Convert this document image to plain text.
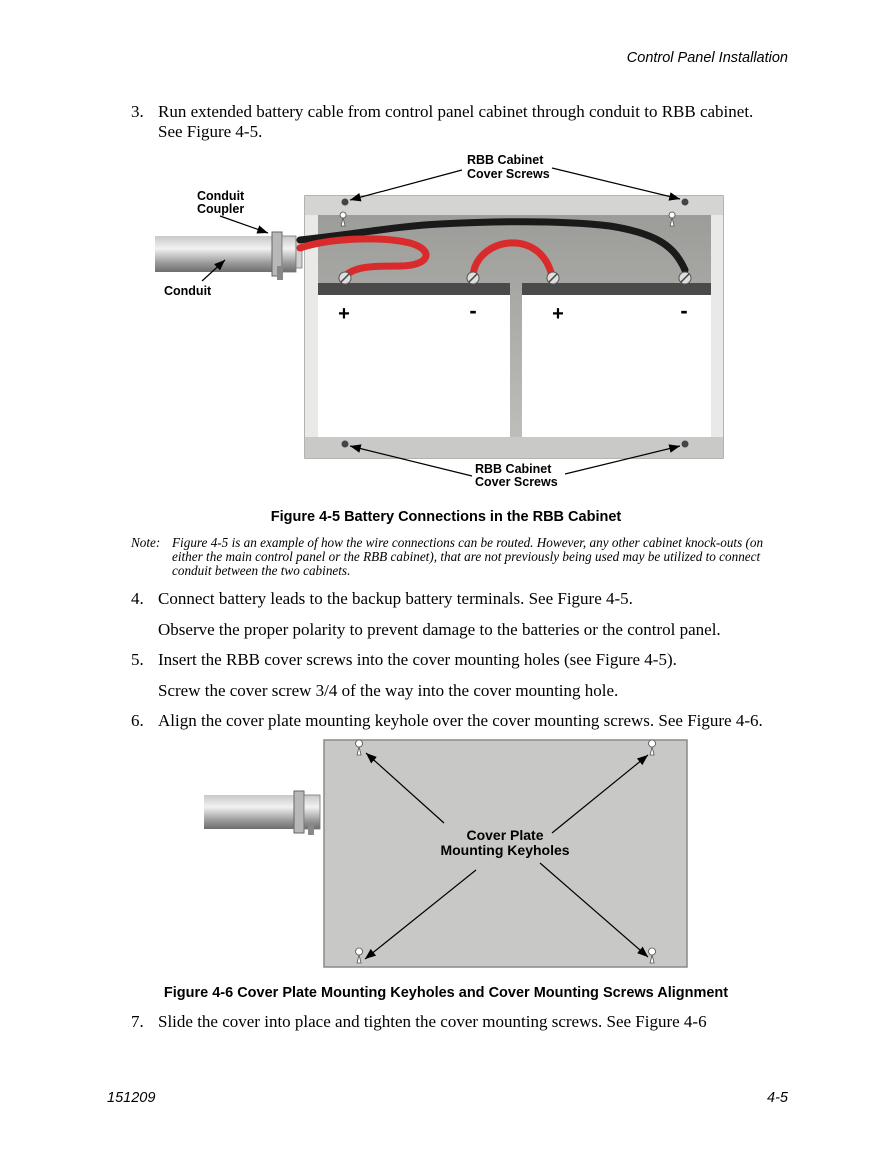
Control Panel Installation
3. Run extended battery cable from control panel cabinet through conduit to RBB cabinet.
See Figure 4-5.
+	-	+	-
RBB Cabinet
Cover Screws
Conduit
Coupler
Conduit
RBB Cabinet
Cover Screws
Figure 4-5 Battery Connections in the RBB Cabinet
Note: Figure 4-5 is an example of how the wire connections can be routed. However, any other cabinet knock-outs (on either the main control panel or the RBB cabinet), that are not previously being used may be utilized to connect conduit between the two cabinets.
4. Connect battery leads to the backup battery terminals. See Figure 4-5.
Observe the proper polarity to prevent damage to the batteries or the control panel.
5. Insert the RBB cover screws into the cover mounting holes (see Figure 4-5).
Screw the cover screw 3/4 of the way into the cover mounting hole.
6. Align the cover plate mounting keyhole over the cover mounting screws. See Figure 4-6.
Cover Plate
Mounting Keyholes
Figure 4-6 Cover Plate Mounting Keyholes and Cover Mounting Screws Alignment
7. Slide the cover into place and tighten the cover mounting screws. See Figure 4-6
151209	4-5
